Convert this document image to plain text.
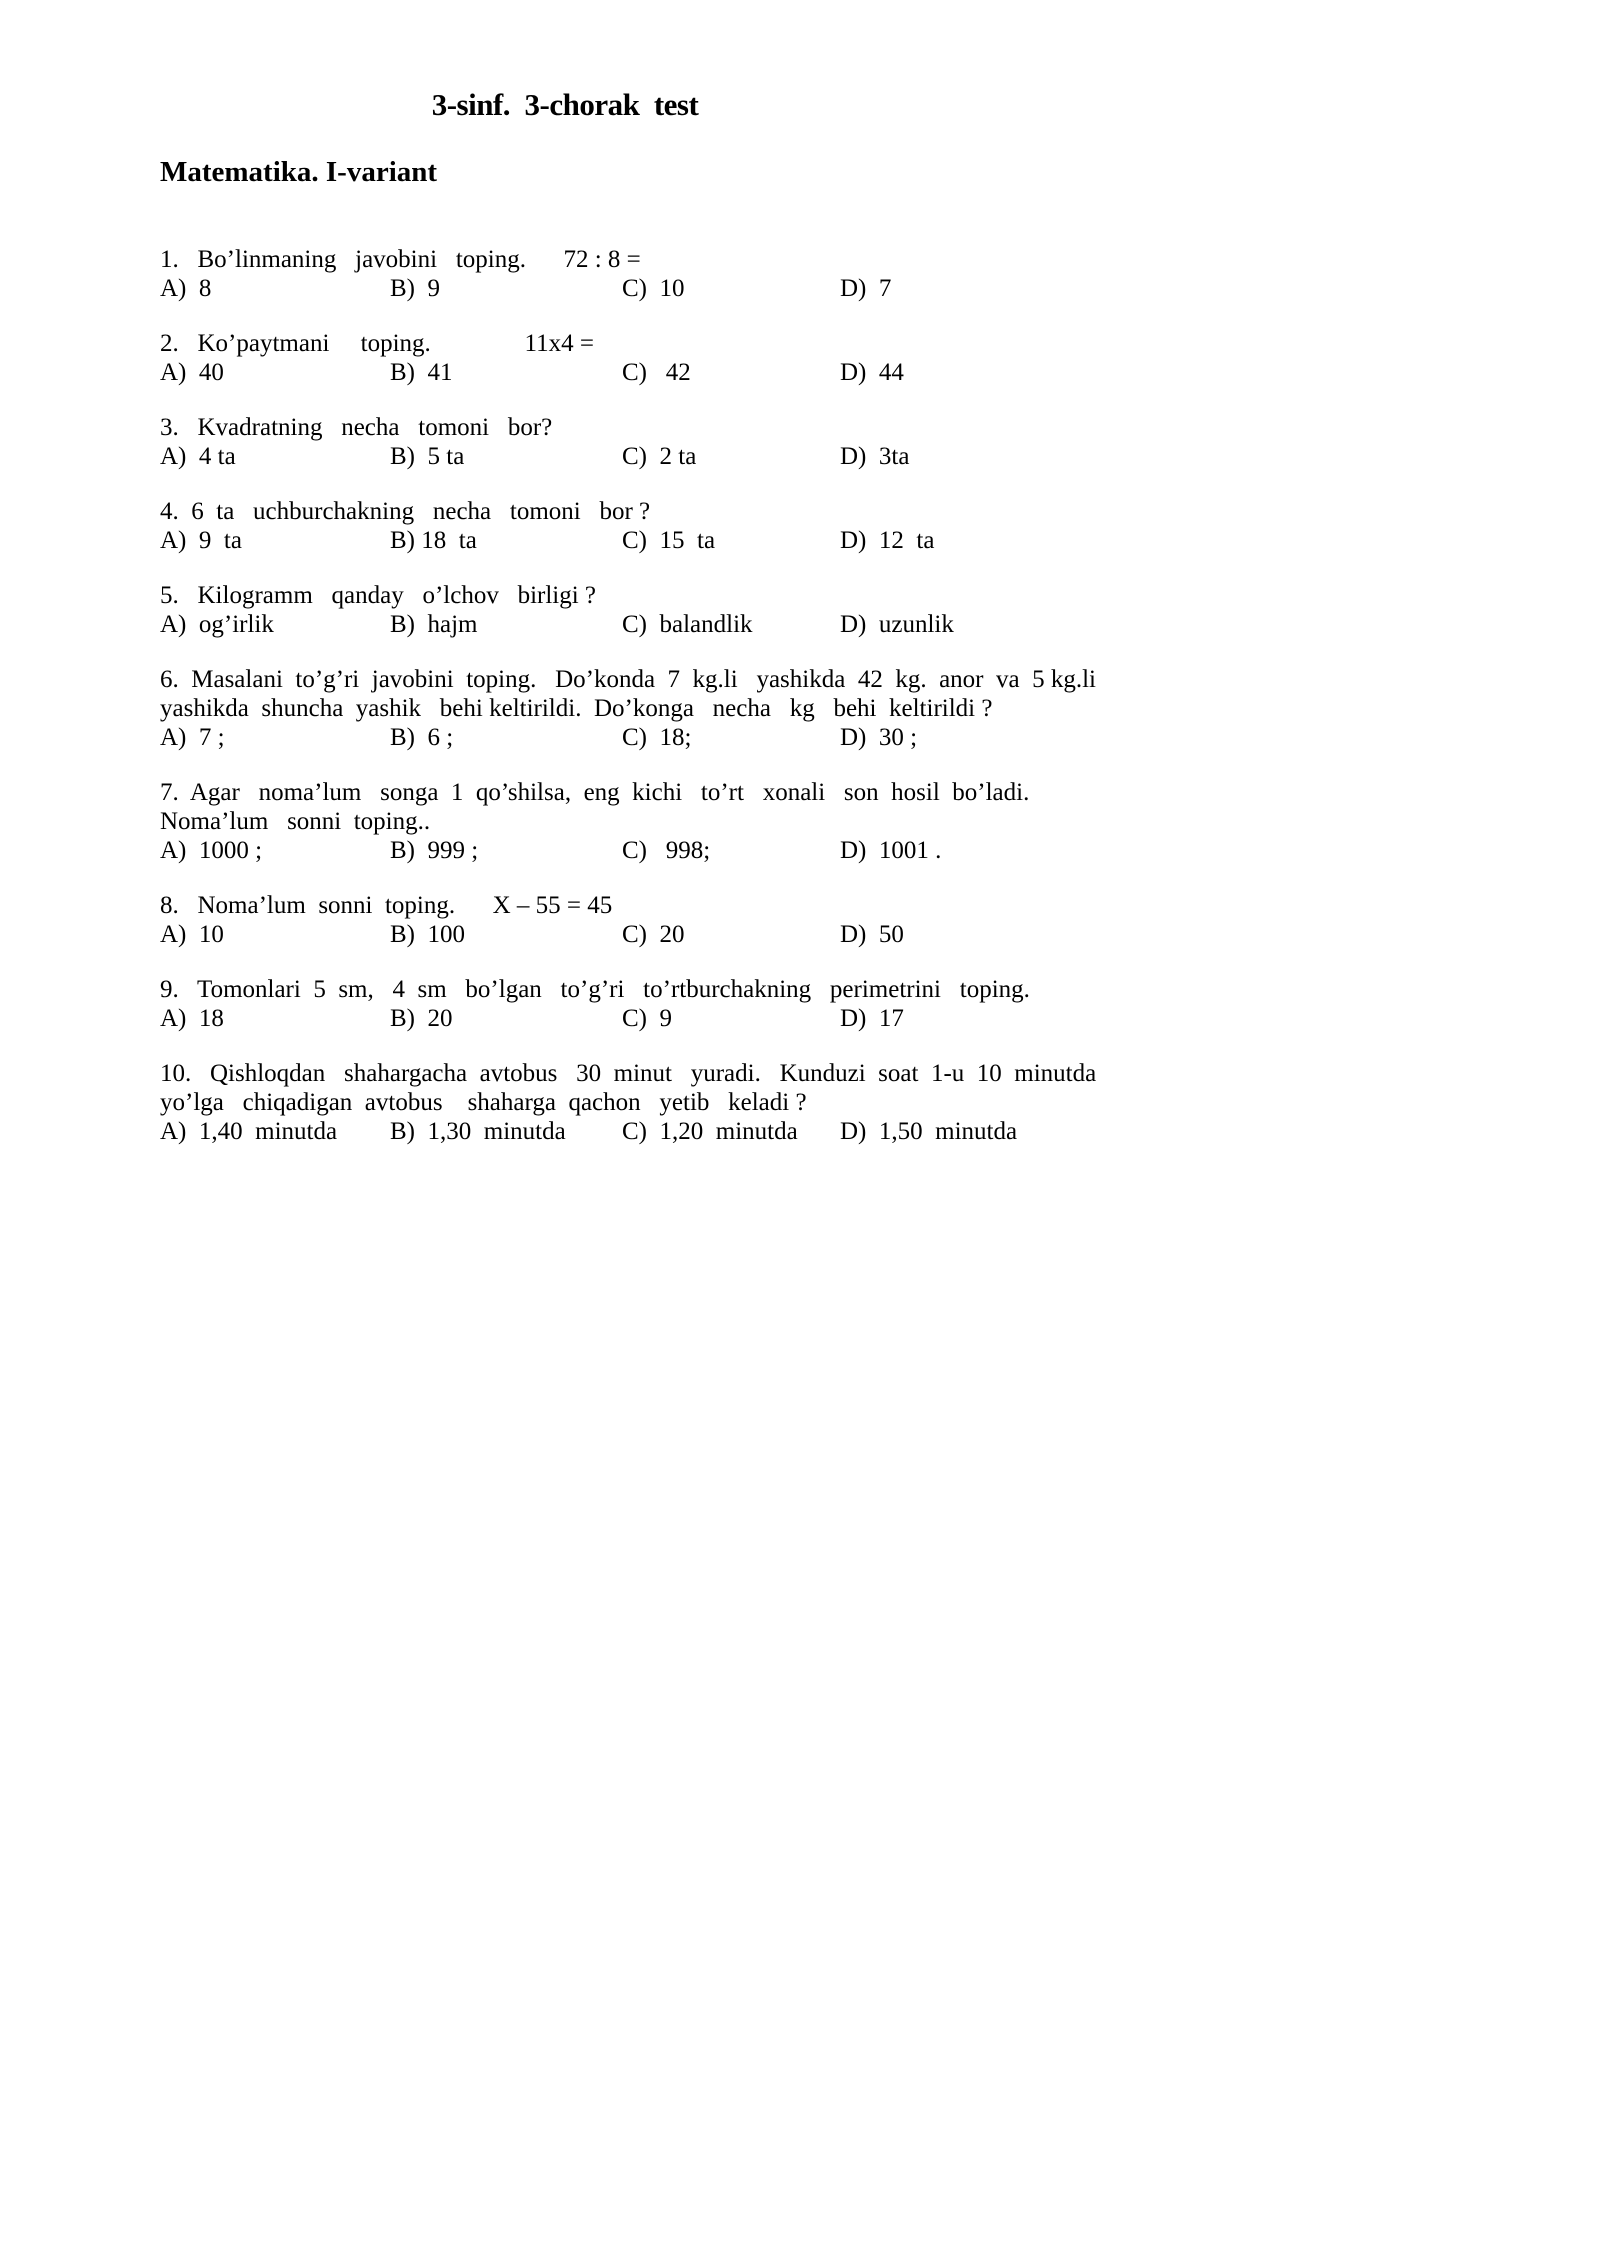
3-sinf.  3-chorak  test
Matematika. I-variant
1.   Bo’linmaning   javobini   toping.      72 : 8 =
A)  8	B)  9	C)  10	D)  7
2.   Ko’paytmani     toping.               11x4 =
A)  40	B)  41	C)   42	D)  44
3.   Kvadratning   necha   tomoni   bor?
A)  4 ta	B)  5 ta	C)  2 ta	D)  3ta
4.  6  ta   uchburchakning   necha   tomoni   bor ?
A)  9  ta	B) 18  ta	C)  15  ta	D)  12  ta
5.   Kilogramm   qanday   o’lchov   birligi ?
A)  og’irlik	B)  hajm	C)  balandlik	D)  uzunlik
6.  Masalani  to’g’ri  javobini  toping.   Do’konda  7  kg.li   yashikda  42  kg.  anor  va  5 kg.li
yashikda  shuncha  yashik   behi keltirildi.  Do’konga   necha   kg   behi  keltirildi ?
A)  7 ;	B)  6 ;	C)  18;	D)  30 ;
7.  Agar   noma’lum   songa  1  qo’shilsa,  eng  kichi   to’rt   xonali   son  hosil  bo’ladi.
Noma’lum   sonni  toping..
A)  1000 ;	B)  999 ;	C)   998;	D)  1001 .
8.   Noma’lum  sonni  toping.      X – 55 = 45
A)  10	B)  100	C)  20	D)  50
9.   Tomonlari  5  sm,   4  sm   bo’lgan   to’g’ri   to’rtburchakning   perimetrini   toping.
A)  18	B)  20	C)  9	D)  17
10.   Qishloqdan   shahargacha  avtobus   30  minut   yuradi.   Kunduzi  soat  1-u  10  minutda
yo’lga   chiqadigan  avtobus    shaharga  qachon   yetib   keladi ?
A)  1,40  minutda	B)  1,30  minutda	C)  1,20  minutda	D)  1,50  minutda
